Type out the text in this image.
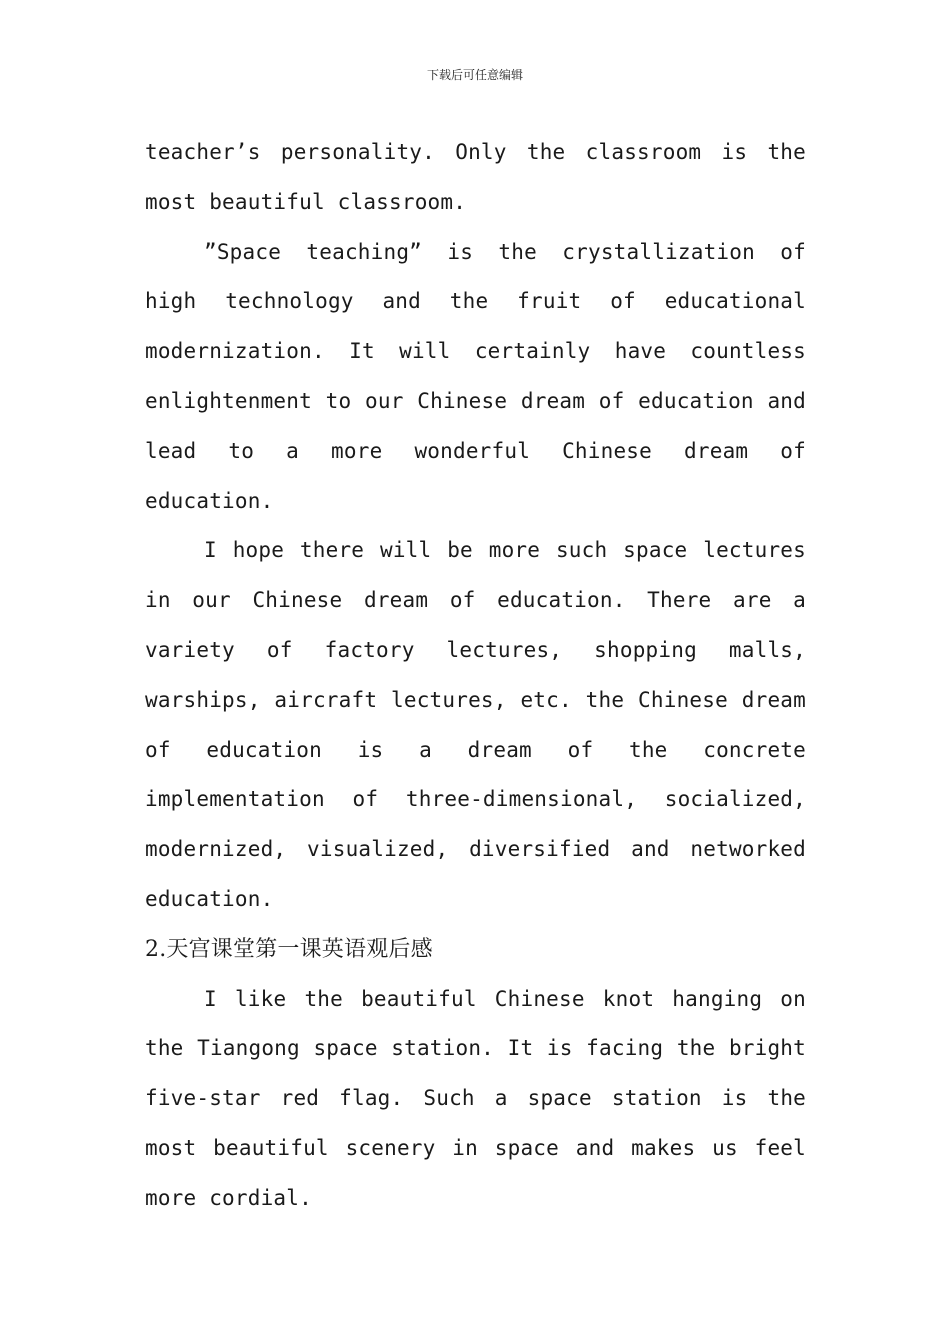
下载后可任意编辑

teacher’s personality. Only the classroom is the most beautiful classroom.

”Space teaching” is the crystallization of high technology and the fruit of educational modernization. It will certainly have countless enlightenment to our Chinese dream of education and lead to a more wonderful Chinese dream of education.

I hope there will be more such space lectures in our Chinese dream of education. There are a variety of factory lectures, shopping malls, warships, aircraft lectures, etc. the Chinese dream of education is a dream of the concrete implementation of three-dimensional, socialized, modernized, visualized, diversified and networked education.

2.天宫课堂第一课英语观后感

I like the beautiful Chinese knot hanging on the Tiangong space station. It is facing the bright five-star red flag. Such a space station is the most beautiful scenery in space and makes us feel more cordial.
